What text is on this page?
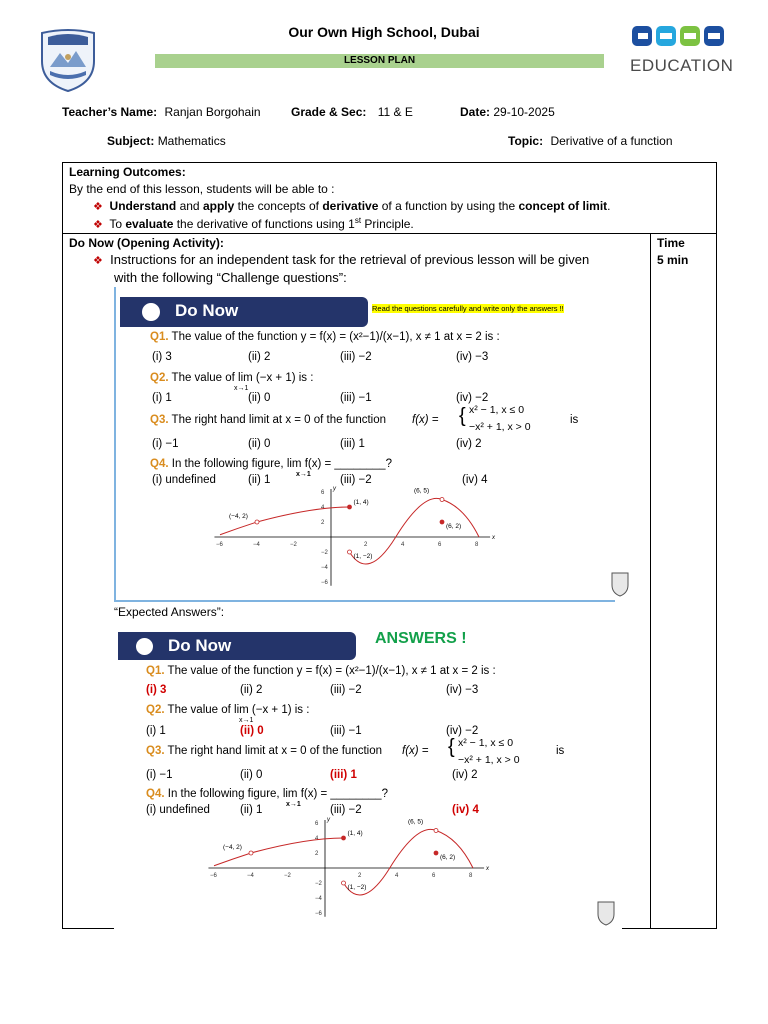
Our Own High School, Dubai
LESSON PLAN	EDUCATION
Teacher’s Name: Ranjan Borgohain	Grade & Sec: 11 & E	Date: 29-10-2025
Subject: Mathematics	Topic: Derivative of a function
Learning Outcomes:
By the end of this lesson, students will be able to :
❖ Understand and apply the concepts of derivative of a function by using the concept of limit.
❖ To evaluate the derivative of functions using 1st Principle.
Do Now (Opening Activity):	Time
5 min
❖ Instructions for an independent task for the retrieval of previous lesson will be given
with the following “Challenge questions”:
Do Now	Read the questions carefully and write only the answers !!
Q1. The value of the function y = f(x) = (x²−1)/(x−1), x ≠ 1 at x = 2 is :
(i) 3	(ii) 2	(iii) −2	(iv) −3
Q2. The value of lim (−x + 1) is :
x→1
(i) 1	(ii) 0	(iii) −1	(iv) −2
Q3. The right hand limit at x = 0 of the function f(x) = { x² − 1, x ≤ 0
−x² + 1, x > 0
is
(i) −1	(ii) 0	(iii) 1	(iv) 2
Q4. In the following figure, lim f(x) = ________?
x→1
(i) undefined	(ii) 1	(iii) −2	(iv) 4
−6	−4	−2	2	4	6	8
6
4
2
−2
−4
−6
x
y
(−4, 2)
(1, 4)
(6, 5)
(6, 2)
(1, −2)
“Expected Answers”:
Do Now	ANSWERS !
Q1. The value of the function y = f(x) = (x²−1)/(x−1), x ≠ 1 at x = 2 is :
(i) 3	(ii) 2	(iii) −2	(iv) −3
Q2. The value of lim (−x + 1) is :
x→1
(i) 1	(ii) 0	(iii) −1	(iv) −2
Q3. The right hand limit at x = 0 of the function f(x) = { x² − 1, x ≤ 0
−x² + 1, x > 0
is
(i) −1	(ii) 0	(iii) 1	(iv) 2
Q4. In the following figure, lim f(x) = ________?
x→1
(i) undefined	(ii) 1	(iii) −2	(iv) 4
−6	−4	−2	2	4	6	8
6
4
2
−2
−4
−6
x
y
(−4, 2)
(1, 4)
(6, 5)
(6, 2)
(1, −2)
